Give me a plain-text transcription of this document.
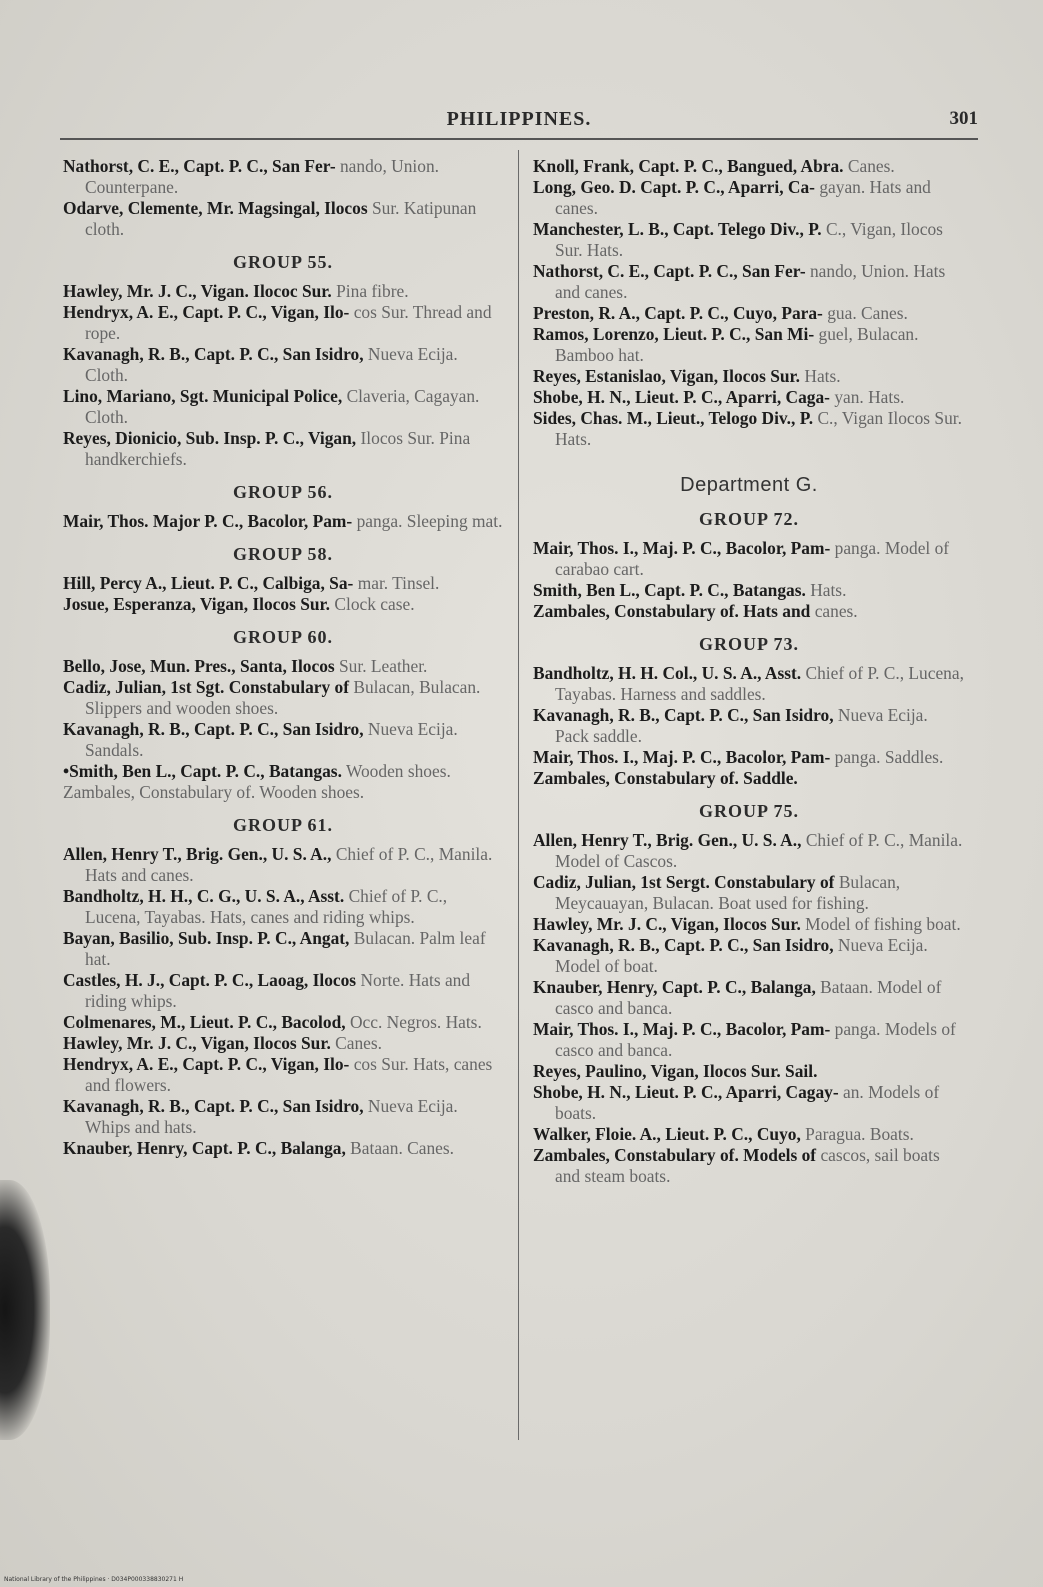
PHILIPPINES.	301

Nathorst, C. E., Capt. P. C., San Fer- nando, Union. Counterpane.

Odarve, Clemente, Mr. Magsingal, Ilocos Sur. Katipunan cloth.

GROUP 55.

Hawley, Mr. J. C., Vigan. Ilococ Sur. Pina fibre.

Hendryx, A. E., Capt. P. C., Vigan, Ilo- cos Sur. Thread and rope.

Kavanagh, R. B., Capt. P. C., San Isidro, Nueva Ecija. Cloth.

Lino, Mariano, Sgt. Municipal Police, Claveria, Cagayan. Cloth.

Reyes, Dionicio, Sub. Insp. P. C., Vigan, Ilocos Sur. Pina handkerchiefs.

GROUP 56.

Mair, Thos. Major P. C., Bacolor, Pam- panga. Sleeping mat.

GROUP 58.

Hill, Percy A., Lieut. P. C., Calbiga, Sa- mar. Tinsel.

Josue, Esperanza, Vigan, Ilocos Sur. Clock case.

GROUP 60.

Bello, Jose, Mun. Pres., Santa, Ilocos Sur. Leather.

Cadiz, Julian, 1st Sgt. Constabulary of Bulacan, Bulacan. Slippers and wooden shoes.

Kavanagh, R. B., Capt. P. C., San Isidro, Nueva Ecija. Sandals.

•Smith, Ben L., Capt. P. C., Batangas. Wooden shoes.

Zambales, Constabulary of. Wooden shoes.

GROUP 61.

Allen, Henry T., Brig. Gen., U. S. A., Chief of P. C., Manila. Hats and canes.

Bandholtz, H. H., C. G., U. S. A., Asst. Chief of P. C., Lucena, Tayabas. Hats, canes and riding whips.

Bayan, Basilio, Sub. Insp. P. C., Angat, Bulacan. Palm leaf hat.

Castles, H. J., Capt. P. C., Laoag, Ilocos Norte. Hats and riding whips.

Colmenares, M., Lieut. P. C., Bacolod, Occ. Negros. Hats.

Hawley, Mr. J. C., Vigan, Ilocos Sur. Canes.

Hendryx, A. E., Capt. P. C., Vigan, Ilo- cos Sur. Hats, canes and flowers.

Kavanagh, R. B., Capt. P. C., San Isidro, Nueva Ecija. Whips and hats.

Knauber, Henry, Capt. P. C., Balanga, Bataan. Canes.

Knoll, Frank, Capt. P. C., Bangued, Abra. Canes.

Long, Geo. D. Capt. P. C., Aparri, Ca- gayan. Hats and canes.

Manchester, L. B., Capt. Telego Div., P. C., Vigan, Ilocos Sur. Hats.

Nathorst, C. E., Capt. P. C., San Fer- nando, Union. Hats and canes.

Preston, R. A., Capt. P. C., Cuyo, Para- gua. Canes.

Ramos, Lorenzo, Lieut. P. C., San Mi- guel, Bulacan. Bamboo hat.

Reyes, Estanislao, Vigan, Ilocos Sur. Hats.

Shobe, H. N., Lieut. P. C., Aparri, Caga- yan. Hats.

Sides, Chas. M., Lieut., Telogo Div., P. C., Vigan Ilocos Sur. Hats.

Department G.
GROUP 72.

Mair, Thos. I., Maj. P. C., Bacolor, Pam- panga. Model of carabao cart.

Smith, Ben L., Capt. P. C., Batangas. Hats.

Zambales, Constabulary of. Hats and canes.

GROUP 73.

Bandholtz, H. H. Col., U. S. A., Asst. Chief of P. C., Lucena, Tayabas. Harness and saddles.

Kavanagh, R. B., Capt. P. C., San Isidro, Nueva Ecija. Pack saddle.

Mair, Thos. I., Maj. P. C., Bacolor, Pam- panga. Saddles.

Zambales, Constabulary of. Saddle.

GROUP 75.

Allen, Henry T., Brig. Gen., U. S. A., Chief of P. C., Manila. Model of Cascos.

Cadiz, Julian, 1st Sergt. Constabulary of Bulacan, Meycauayan, Bulacan. Boat used for fishing.

Hawley, Mr. J. C., Vigan, Ilocos Sur. Model of fishing boat.

Kavanagh, R. B., Capt. P. C., San Isidro, Nueva Ecija. Model of boat.

Knauber, Henry, Capt. P. C., Balanga, Bataan. Model of casco and banca.

Mair, Thos. I., Maj. P. C., Bacolor, Pam- panga. Models of casco and banca.

Reyes, Paulino, Vigan, Ilocos Sur. Sail.

Shobe, H. N., Lieut. P. C., Aparri, Cagay- an. Models of boats.

Walker, Floie. A., Lieut. P. C., Cuyo, Paragua. Boats.

Zambales, Constabulary of. Models of cascos, sail boats and steam boats.

National Library of the Philippines · D034P000338830271 H
